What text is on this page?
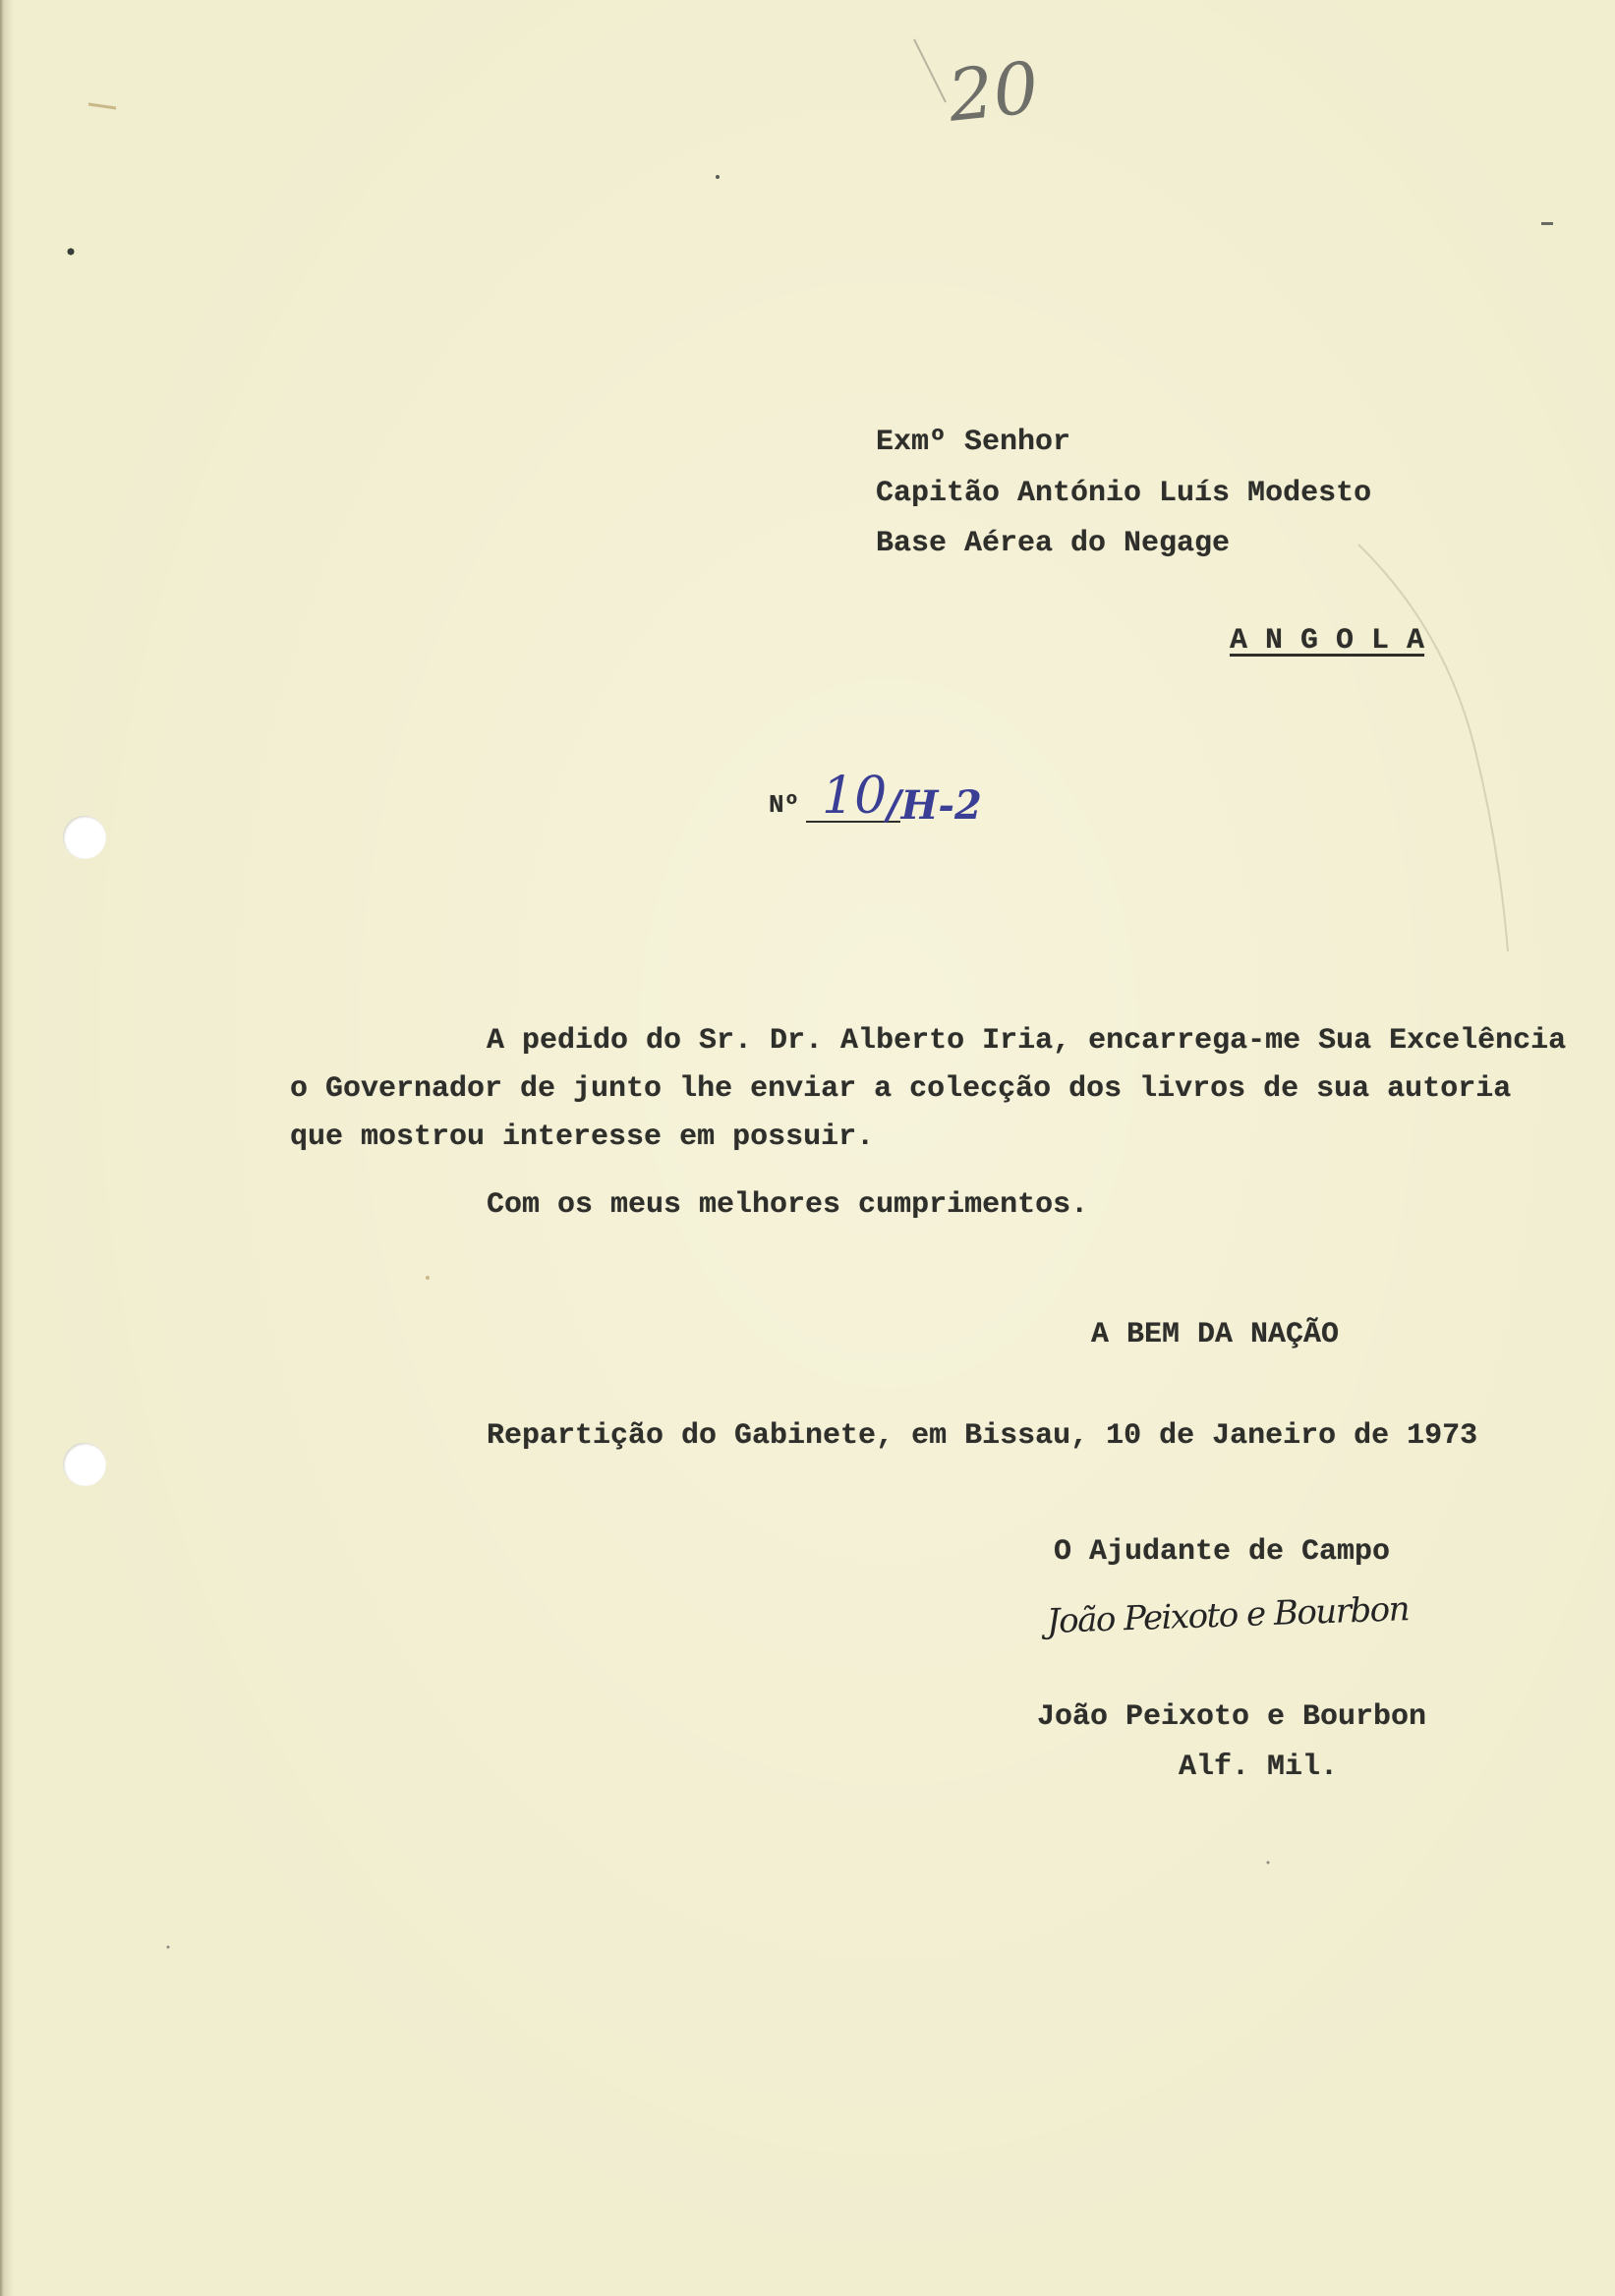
20
Exmº Senhor
Capitão António Luís Modesto
Base Aérea do Negage
A N G O L A
Nº 10 /H-2
A pedido do Sr. Dr. Alberto Iria, encarrega-me Sua Excelência
o Governador de junto lhe enviar a colecção dos livros de sua autoria
que mostrou interesse em possuir.
Com os meus melhores cumprimentos.
A BEM DA NAÇÃO
Repartição do Gabinete, em Bissau, 10 de Janeiro de 1973
O Ajudante de Campo
João Peixoto e Bourbon
João Peixoto e Bourbon
Alf. Mil.
